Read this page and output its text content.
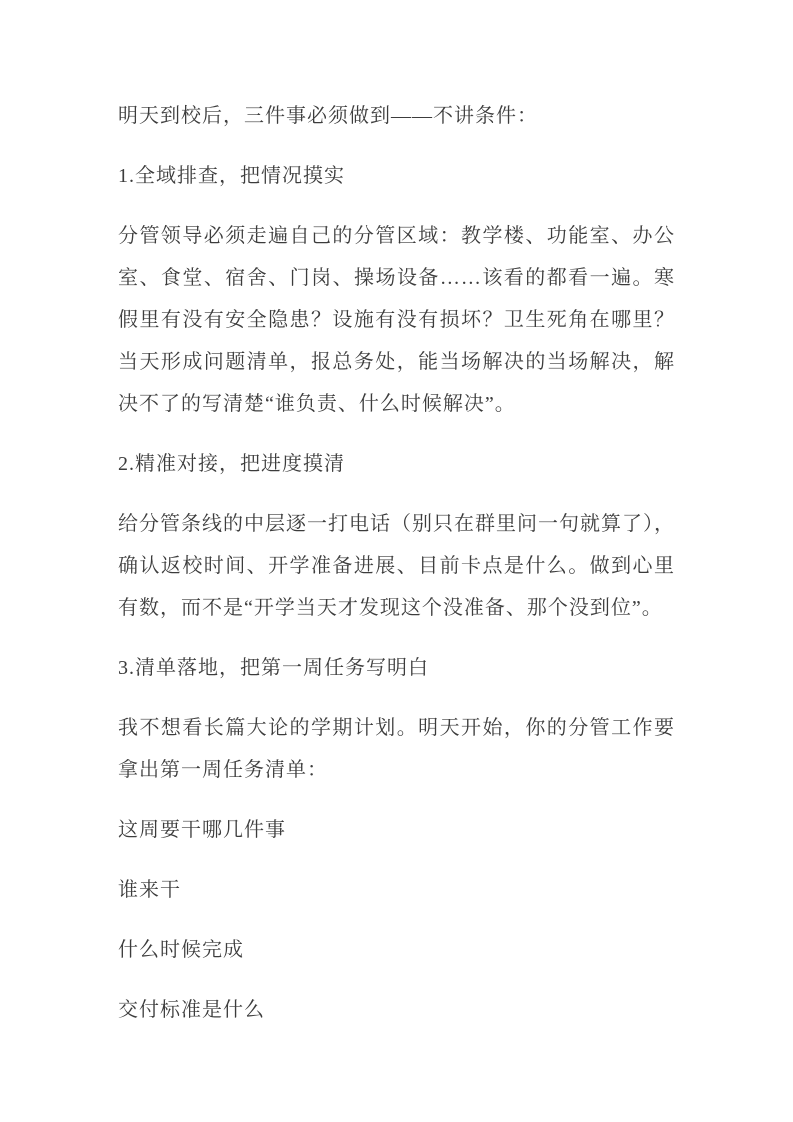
明天到校后，三件事必须做到——不讲条件：

1.全域排查，把情况摸实

分管领导必须走遍自己的分管区域：教学楼、功能室、办公室、食堂、宿舍、门岗、操场设备……该看的都看一遍。寒假里有没有安全隐患？设施有没有损坏？卫生死角在哪里？当天形成问题清单，报总务处，能当场解决的当场解决，解决不了的写清楚“谁负责、什么时候解决”。

2.精准对接，把进度摸清

给分管条线的中层逐一打电话（别只在群里问一句就算了），确认返校时间、开学准备进展、目前卡点是什么。做到心里有数，而不是“开学当天才发现这个没准备、那个没到位”。

3.清单落地，把第一周任务写明白

我不想看长篇大论的学期计划。明天开始，你的分管工作要拿出第一周任务清单：

这周要干哪几件事

谁来干

什么时候完成

交付标准是什么
